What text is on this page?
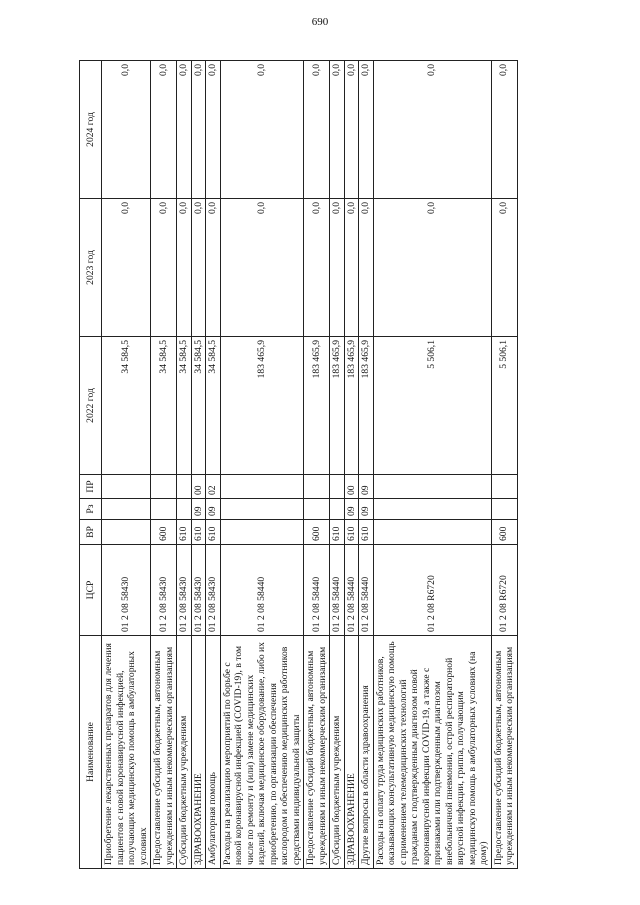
690
Наименование	ЦСР	ВР	Рз	ПР	2022 год	2023 год	2024 год
Приобретение лекарственных препаратов для лечения пациентов с новой коронавирусной инфекцией, получающих медицинскую помощь в амбулаторных условиях	01 2 08 58430				34 584,5	0,0	0,0
Предоставление субсидий бюджетным, автономным учреждениям и иным некоммерческим организациям	01 2 08 58430	600			34 584,5	0,0	0,0
Субсидии бюджетным учреждениям	01 2 08 58430	610			34 584,5	0,0	0,0
ЗДРАВООХРАНЕНИЕ	01 2 08 58430	610	09	00	34 584,5	0,0	0,0
Амбулаторная помощь	01 2 08 58430	610	09	02	34 584,5	0,0	0,0
Расходы на реализацию мероприятий по борьбе с новой коронавирусной инфекцией (COVID-19), в том числе по ремонту и (или) замене медицинских изделий, включая медицинское оборудование, либо их приобретению, по организации обеспечения кислородом и обеспечению медицинских работников средствами индивидуальной защиты	01 2 08 58440				183 465,9	0,0	0,0
Предоставление субсидий бюджетным, автономным учреждениям и иным некоммерческим организациям	01 2 08 58440	600			183 465,9	0,0	0,0
Субсидии бюджетным учреждениям	01 2 08 58440	610			183 465,9	0,0	0,0
ЗДРАВООХРАНЕНИЕ	01 2 08 58440	610	09	00	183 465,9	0,0	0,0
Другие вопросы в области здравоохранения	01 2 08 58440	610	09	09	183 465,9	0,0	0,0
Расходы на оплату труда медицинских работников, оказывающих консультативную медицинскую помощь с применением телемедицинских технологий гражданам с подтвержденным диагнозом новой коронавирусной инфекции COVID-19, а также с признаками или подтвержденным диагнозом внебольничной пневмонии, острой респираторной вирусной инфекции, гриппа, получающим медицинскую помощь в амбулаторных условиях (на дому)	01 2 08 R6720				5 506,1	0,0	0,0
Предоставление субсидий бюджетным, автономным учреждениям и иным некоммерческим организациям	01 2 08 R6720	600			5 506,1	0,0	0,0
